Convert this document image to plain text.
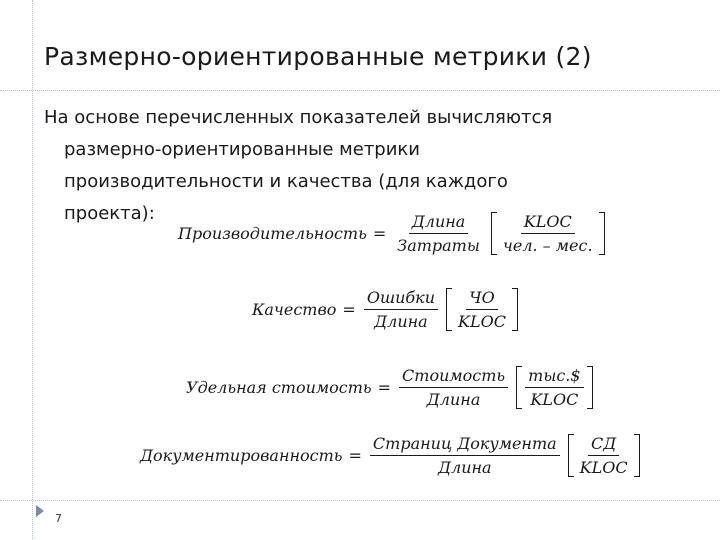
Размерно-ориентированные метрики (2)
На основе перечисленных показателей вычисляются
размерно-ориентированные метрики
производительности и качества (для каждого
проекта):
Производительность = $\frac{\text{Длина}}{\text{Затраты}} \frac{\text{KLOC}}{\text{чел. – мес.}}$
Качество = $\frac{\text{Ошибки}}{\text{Длина}} \frac{ЧО}{\text{KLOC}}$
Удельная стоимость = $\frac{\text{Стоимость}}{\text{Длина}} \frac{\text{тыс.\$}}{\text{KLOC}}$
Документированность = $\frac{\text{Страниц Документа}}{\text{Длина}} \frac{СД}{\text{KLOC}}$
7
